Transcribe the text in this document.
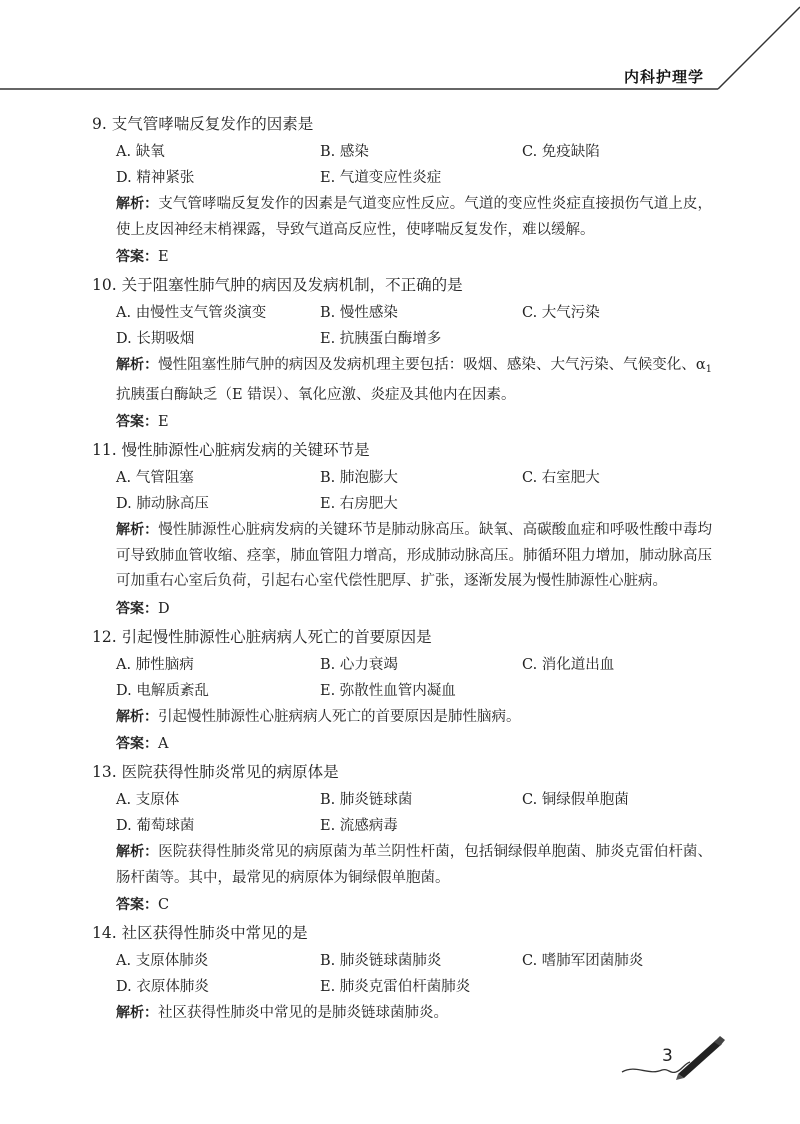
内科护理学
9. 支气管哮喘反复发作的因素是
A. 缺氧	B. 感染	C. 免疫缺陷
D. 精神紧张	E. 气道变应性炎症
解析：支气管哮喘反复发作的因素是气道变应性反应。气道的变应性炎症直接损伤气道上皮，使上皮因神经末梢裸露，导致气道高反应性，使哮喘反复发作，难以缓解。
答案：E
10. 关于阻塞性肺气肿的病因及发病机制，不正确的是
A. 由慢性支气管炎演变	B. 慢性感染	C. 大气污染
D. 长期吸烟	E. 抗胰蛋白酶增多
解析：慢性阻塞性肺气肿的病因及发病机理主要包括：吸烟、感染、大气污染、气候变化、$\alpha_1$抗胰蛋白酶缺乏（E 错误）、氧化应激、炎症及其他内在因素。
答案：E
11. 慢性肺源性心脏病发病的关键环节是
A. 气管阻塞	B. 肺泡膨大	C. 右室肥大
D. 肺动脉高压	E. 右房肥大
解析：慢性肺源性心脏病发病的关键环节是肺动脉高压。缺氧、高碳酸血症和呼吸性酸中毒均可导致肺血管收缩、痉挛，肺血管阻力增高，形成肺动脉高压。肺循环阻力增加，肺动脉高压可加重右心室后负荷，引起右心室代偿性肥厚、扩张，逐渐发展为慢性肺源性心脏病。
答案：D
12. 引起慢性肺源性心脏病病人死亡的首要原因是
A. 肺性脑病	B. 心力衰竭	C. 消化道出血
D. 电解质紊乱	E. 弥散性血管内凝血
解析：引起慢性肺源性心脏病病人死亡的首要原因是肺性脑病。
答案：A
13. 医院获得性肺炎常见的病原体是
A. 支原体	B. 肺炎链球菌	C. 铜绿假单胞菌
D. 葡萄球菌	E. 流感病毒
解析：医院获得性肺炎常见的病原菌为革兰阴性杆菌，包括铜绿假单胞菌、肺炎克雷伯杆菌、肠杆菌等。其中，最常见的病原体为铜绿假单胞菌。
答案：C
14. 社区获得性肺炎中常见的是
A. 支原体肺炎	B. 肺炎链球菌肺炎	C. 嗜肺军团菌肺炎
D. 衣原体肺炎	E. 肺炎克雷伯杆菌肺炎
解析：社区获得性肺炎中常见的是肺炎链球菌肺炎。
3
